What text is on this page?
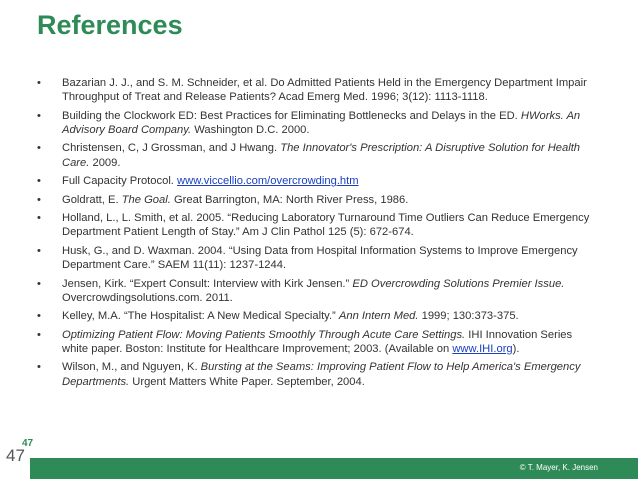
References
• Bazarian J. J., and S. M. Schneider, et al. Do Admitted Patients Held in the Emergency Department Impair Throughput of Treat and Release Patients? Acad Emerg Med. 1996; 3(12): 1113-1118.
• Building the Clockwork ED: Best Practices for Eliminating Bottlenecks and Delays in the ED. HWorks. An Advisory Board Company. Washington D.C. 2000.
• Christensen, C, J Grossman, and J Hwang. The Innovator's Prescription: A Disruptive Solution for Health Care. 2009.
• Full Capacity Protocol. www.viccellio.com/overcrowding.htm
• Goldratt, E. The Goal. Great Barrington, MA: North River Press, 1986.
• Holland, L., L. Smith, et al. 2005. “Reducing Laboratory Turnaround Time Outliers Can Reduce Emergency Department Patient Length of Stay.” Am J Clin Pathol 125 (5): 672-674.
• Husk, G., and D. Waxman. 2004. “Using Data from Hospital Information Systems to Improve Emergency Department Care.” SAEM 11(11): 1237-1244.
• Jensen, Kirk. “Expert Consult: Interview with Kirk Jensen.” ED Overcrowding Solutions Premier Issue. Overcrowdingsolutions.com. 2011.
• Kelley, M.A. “The Hospitalist: A New Medical Specialty.” Ann Intern Med. 1999; 130:373-375.
• Optimizing Patient Flow: Moving Patients Smoothly Through Acute Care Settings. IHI Innovation Series white paper. Boston: Institute for Healthcare Improvement; 2003. (Available on www.IHI.org).
• Wilson, M., and Nguyen, K. Bursting at the Seams: Improving Patient Flow to Help America's Emergency Departments. Urgent Matters White Paper. September, 2004.
47
47
© T. Mayer, K. Jensen
